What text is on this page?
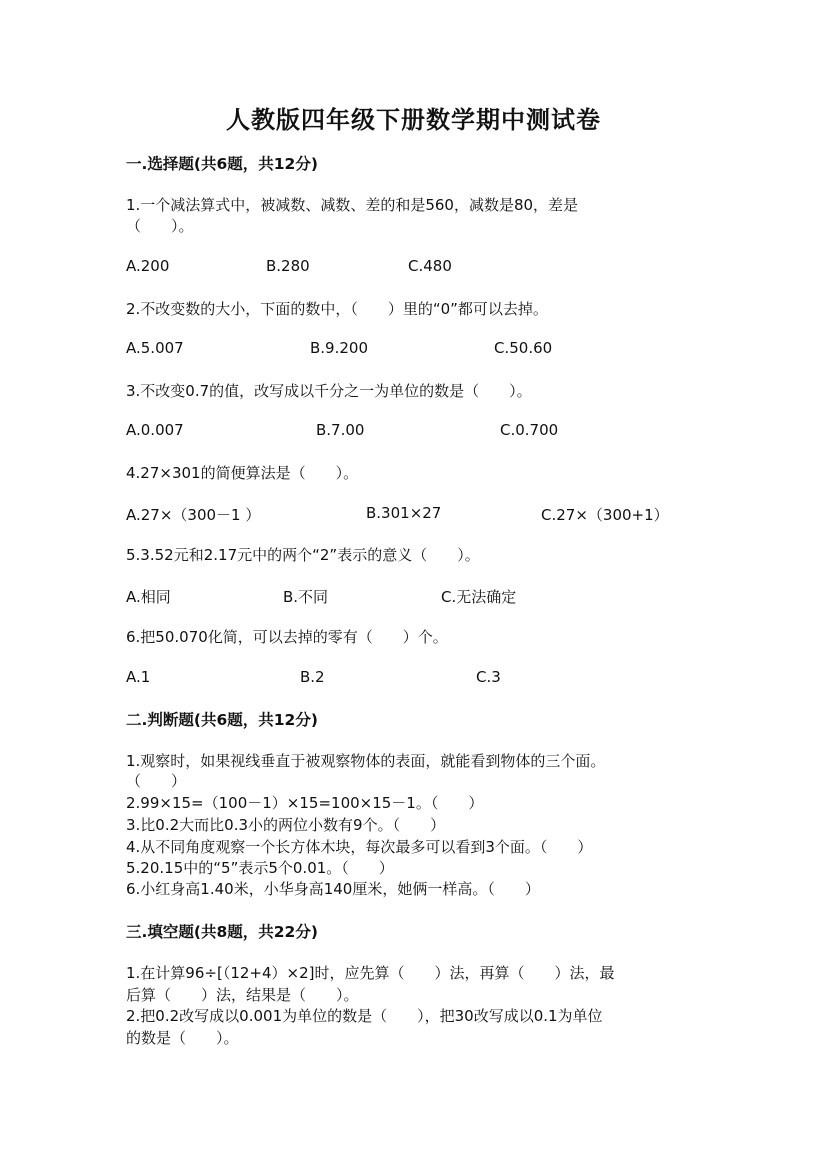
人教版四年级下册数学期中测试卷
一.选择题(共6题，共12分)
1.一个减法算式中，被减数、减数、差的和是560，减数是80，差是
（　　）。
A.200	B.280	C.480
2.不改变数的大小，下面的数中，（　　）里的“0”都可以去掉。
A.5.007	B.9.200	C.50.60
3.不改变0.7的值，改写成以千分之一为单位的数是（　　）。
A.0.007	B.7.00	C.0.700
4.27×301的简便算法是（　　）。
A.27×（300－1 ）	B.301×27	C.27×（300+1）
5.3.52元和2.17元中的两个“2”表示的意义（　　）。
A.相同	B.不同	C.无法确定
6.把50.070化简，可以去掉的零有（　　）个。
A.1	B.2	C.3
二.判断题(共6题，共12分)
1.观察时，如果视线垂直于被观察物体的表面，就能看到物体的三个面。
（　　）
2.99×15=（100－1）×15=100×15－1。（　　）
3.比0.2大而比0.3小的两位小数有9个。（　　）
4.从不同角度观察一个长方体木块，每次最多可以看到3个面。（　　）
5.20.15中的“5”表示5个0.01。（　　）
6.小红身高1.40米，小华身高140厘米，她俩一样高。（　　）
三.填空题(共8题，共22分)
1.在计算96÷[（12+4）×2]时，应先算（　　）法，再算（　　）法，最
后算（　　）法，结果是（　　）。
2.把0.2改写成以0.001为单位的数是（　　），把30改写成以0.1为单位
的数是（　　）。
